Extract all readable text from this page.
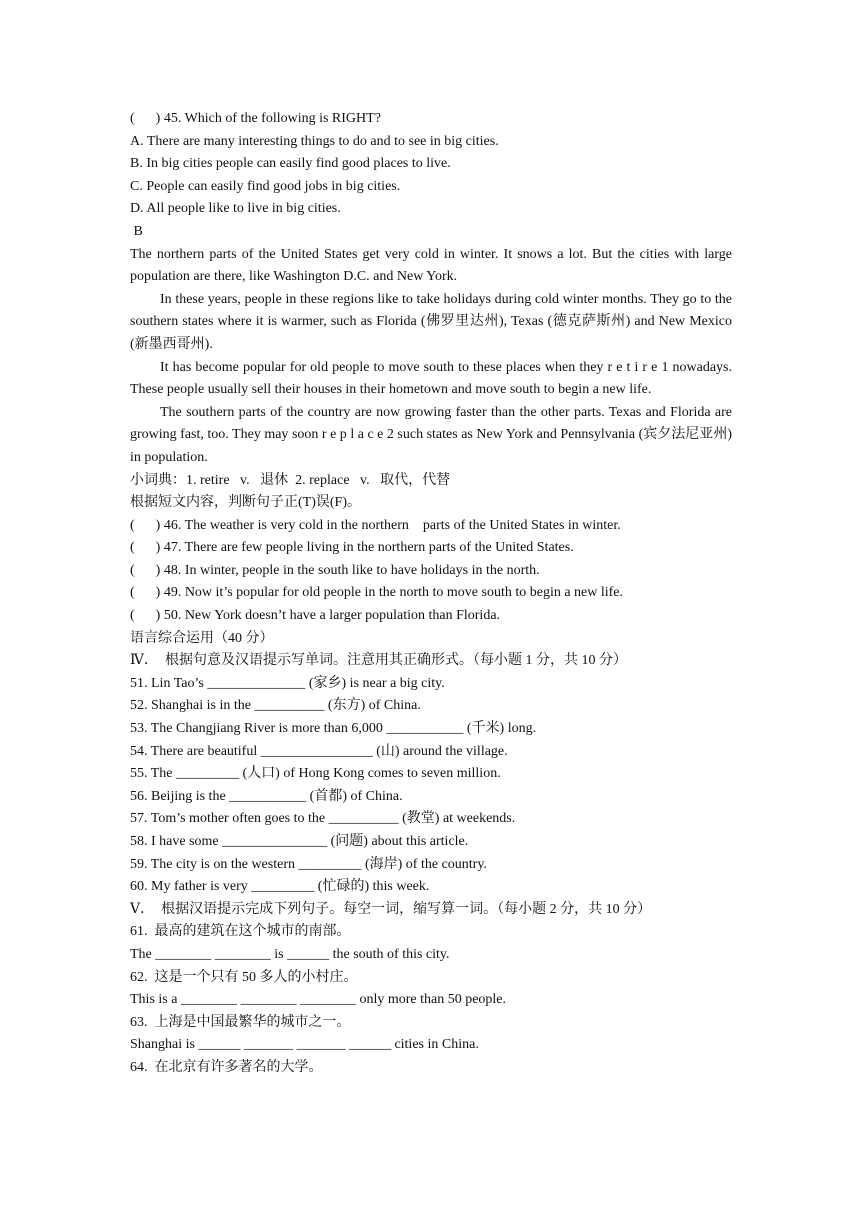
(      ) 45. Which of the following is RIGHT?
A. There are many interesting things to do and to see in big cities.
B. In big cities people can easily find good places to live.
C. People can easily find good jobs in big cities.
D. All people like to live in big cities.
B
The northern parts of the United States get very cold in winter. It snows a lot. But the cities with large population are there, like Washington D.C. and New York.
In these years, people in these regions like to take holidays during cold winter months. They go to the southern states where it is warmer, such as Florida (佛罗里达州), Texas (德克萨斯州) and New Mexico (新墨西哥州).
It has become popular for old people to move south to these places when they r e t i r e 1 nowadays. These people usually sell their houses in their hometown and move south to begin a new life.
The southern parts of the country are now growing faster than the other parts. Texas and Florida are growing fast, too. They may soon r e p l a c e 2 such states as New York and Pennsylvania (宾夕法尼亚州) in population.
小词典：1. retire   v.   退休  2. replace   v.   取代，代替
根据短文内容，判断句子正(T)误(F)。
(      ) 46. The weather is very cold in the northern    parts of the United States in winter.
(      ) 47. There are few people living in the northern parts of the United States.
(      ) 48. In winter, people in the south like to have holidays in the north.
(      ) 49. Now it’s popular for old people in the north to move south to begin a new life.
(      ) 50. New York doesn’t have a larger population than Florida.
语言综合运用（40 分）
Ⅳ．  根据句意及汉语提示写单词。注意用其正确形式。（每小题 1 分，共 10 分）
51. Lin Tao’s ______________ (家乡) is near a big city.
52. Shanghai is in the __________ (东方) of China.
53. The Changjiang River is more than 6,000 ___________ (千米) long.
54. There are beautiful ________________ (山) around the village.
55. The _________ (人口) of Hong Kong comes to seven million.
56. Beijing is the ___________ (首都) of China.
57. Tom’s mother often goes to the __________ (教堂) at weekends.
58. I have some _______________ (问题) about this article.
59. The city is on the western _________ (海岸) of the country.
60. My father is very _________ (忙碌的) this week.
Ⅴ．  根据汉语提示完成下列句子。每空一词，缩写算一词。（每小题 2 分，共 10 分）
61.  最高的建筑在这个城市的南部。
The ________ ________ is ______ the south of this city.
62.  这是一个只有 50 多人的小村庄。
This is a ________ ________ ________ only more than 50 people.
63.  上海是中国最繁华的城市之一。
Shanghai is ______ _______ _______ ______ cities in China.
64.  在北京有许多著名的大学。
